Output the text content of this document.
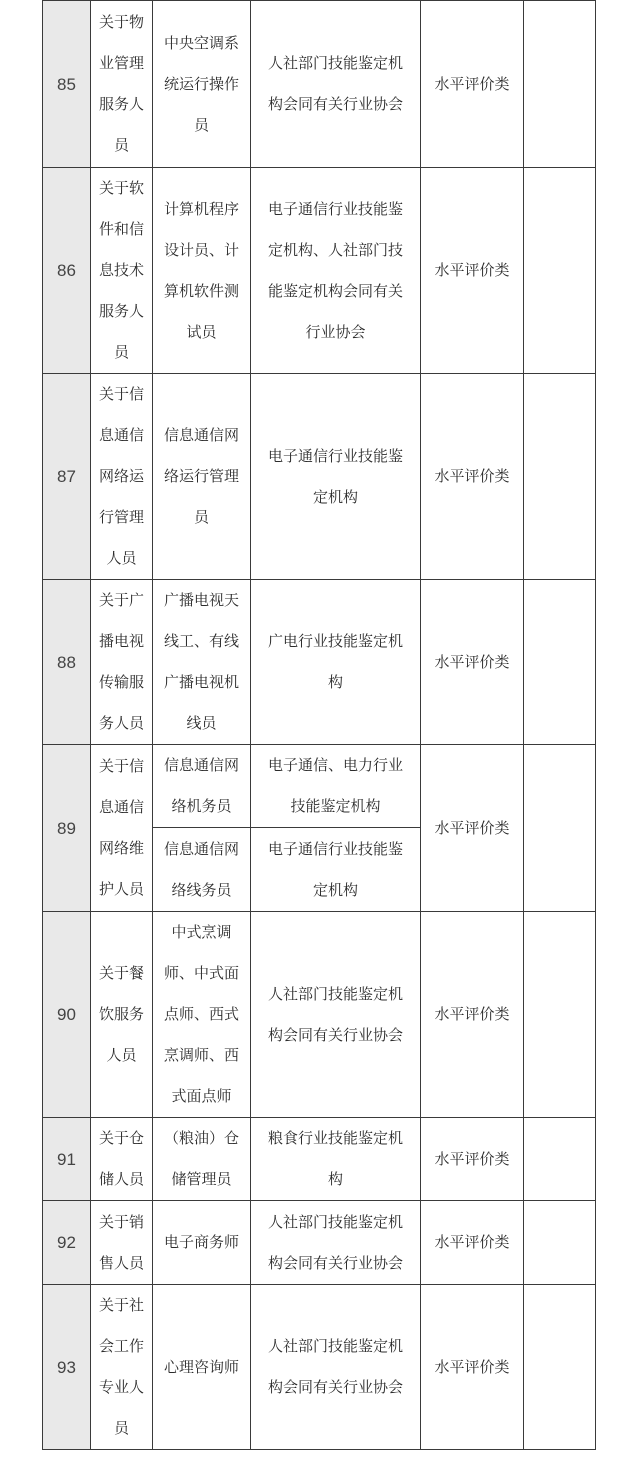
85	关于物业管理服务人员	中央空调系统运行操作员	人社部门技能鉴定机构会同有关行业协会	水平评价类	
86	关于软件和信息技术服务人员	计算机程序设计员、计算机软件测试员	电子通信行业技能鉴定机构、人社部门技能鉴定机构会同有关行业协会	水平评价类	
87	关于信息通信网络运行管理人员	信息通信网络运行管理员	电子通信行业技能鉴定机构	水平评价类	
88	关于广播电视传输服务人员	广播电视天线工、有线广播电视机线员	广电行业技能鉴定机构	水平评价类	
89	关于信息通信网络维护人员	信息通信网络机务员	电子通信、电力行业技能鉴定机构	水平评价类	
		信息通信网络线务员	电子通信行业技能鉴定机构		
90	关于餐饮服务人员	中式烹调师、中式面点师、西式烹调师、西式面点师	人社部门技能鉴定机构会同有关行业协会	水平评价类	
91	关于仓储人员	（粮油）仓储管理员	粮食行业技能鉴定机构	水平评价类	
92	关于销售人员	电子商务师	人社部门技能鉴定机构会同有关行业协会	水平评价类	
93	关于社会工作专业人员	心理咨询师	人社部门技能鉴定机构会同有关行业协会	水平评价类	
